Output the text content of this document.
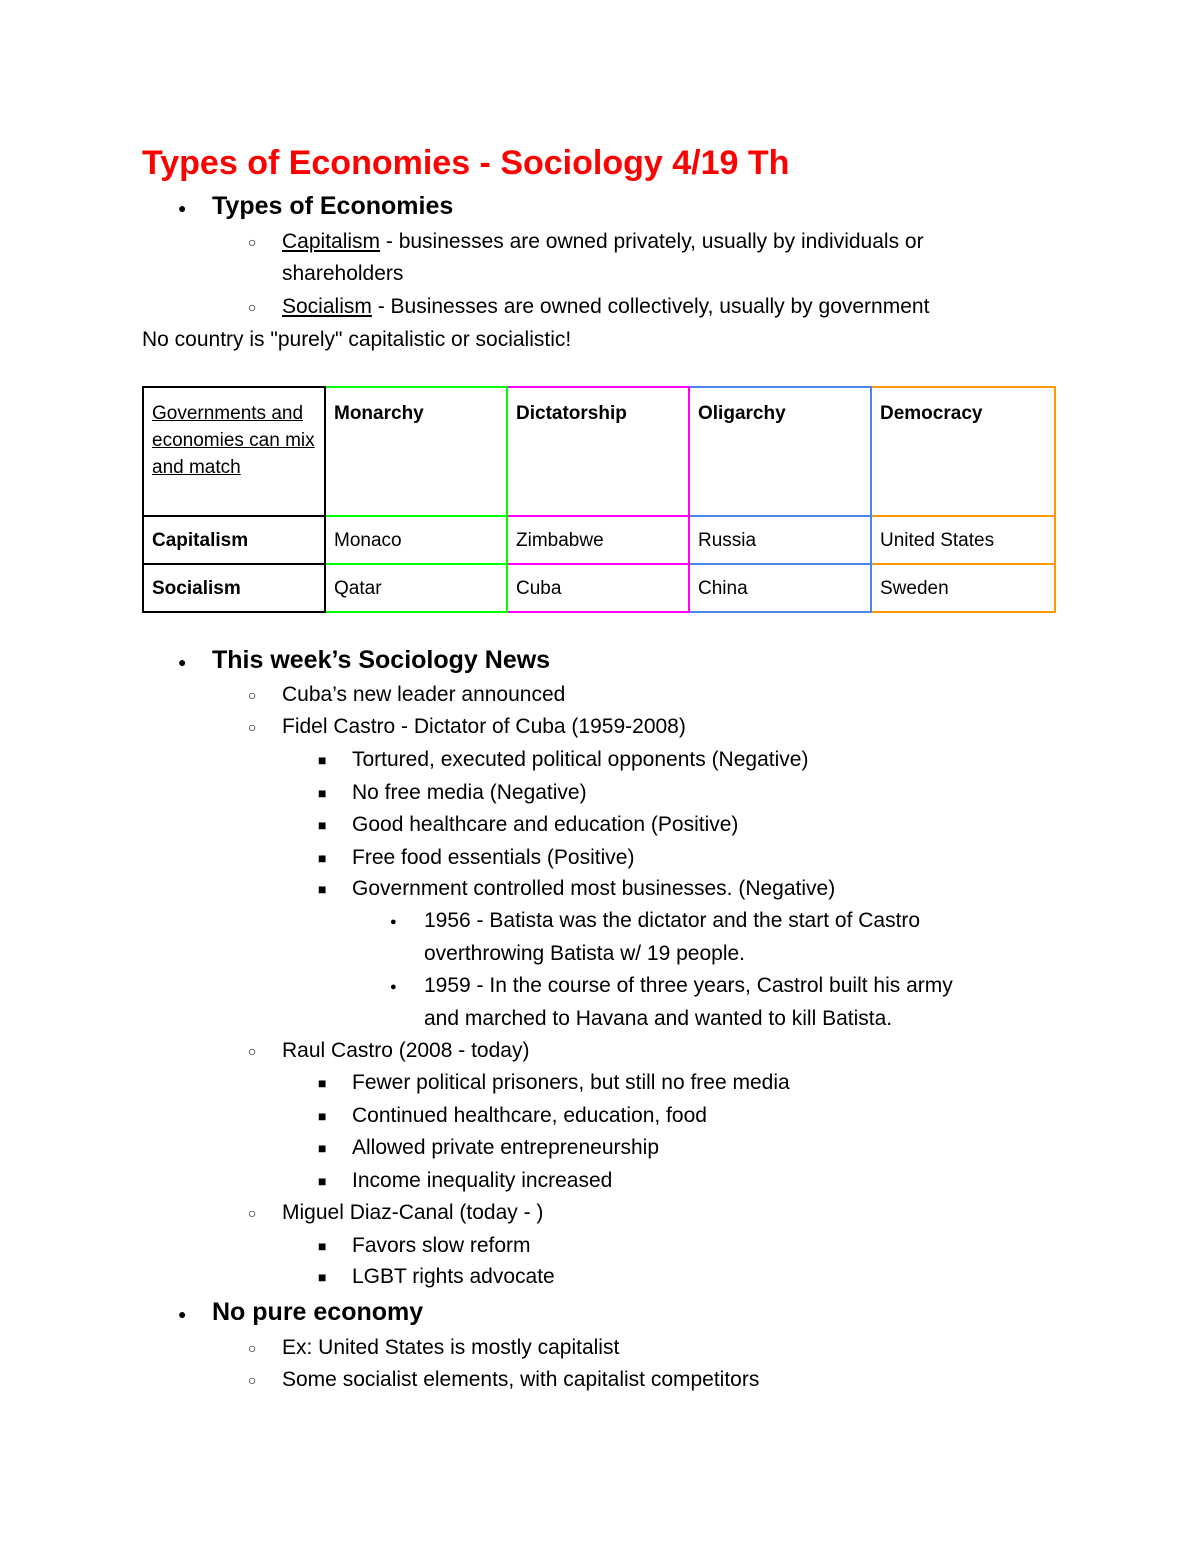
Types of Economies - Sociology 4/19 Th
● Types of Economies
○ Capitalism - businesses are owned privately, usually by individuals or
shareholders
○ Socialism - Businesses are owned collectively, usually by government
No country is "purely" capitalistic or socialistic!
Governments and economies can mix and match	Monarchy	Dictatorship	Oligarchy	Democracy
Capitalism	Monaco	Zimbabwe	Russia	United States
Socialism	Qatar	Cuba	China	Sweden
● This week’s Sociology News
○ Cuba’s new leader announced
○ Fidel Castro - Dictator of Cuba (1959-2008)
■ Tortured, executed political opponents (Negative)
■ No free media (Negative)
■ Good healthcare and education (Positive)
■ Free food essentials (Positive)
■ Government controlled most businesses. (Negative)
● 1956 - Batista was the dictator and the start of Castro
overthrowing Batista w/ 19 people.
● 1959 - In the course of three years, Castrol built his army
and marched to Havana and wanted to kill Batista.
○ Raul Castro (2008 - today)
■ Fewer political prisoners, but still no free media
■ Continued healthcare, education, food
■ Allowed private entrepreneurship
■ Income inequality increased
○ Miguel Diaz-Canal (today - )
■ Favors slow reform
■ LGBT rights advocate
● No pure economy
○ Ex: United States is mostly capitalist
○ Some socialist elements, with capitalist competitors
